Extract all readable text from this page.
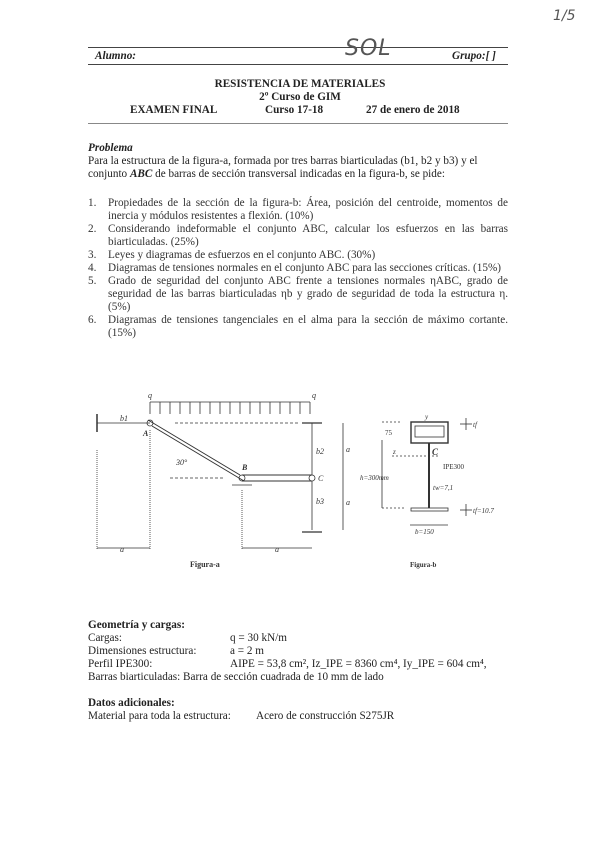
1/5
Alumno:	SOL	Grupo:[ ]
RESISTENCIA DE MATERIALES
2º Curso de GIM
EXAMEN FINAL	Curso 17-18	27 de enero de 2018
Problema
Para la estructura de la figura-a, formada por tres barras biarticuladas (b1, b2 y b3) y el
conjunto ABC de barras de sección transversal indicadas en la figura-b, se pide:
1. Propiedades de la sección de la figura-b: Área, posición del centroide, momentos de inercia y módulos resistentes a flexión. (10%)
2. Considerando indeformable el conjunto ABC, calcular los esfuerzos en las barras biarticuladas. (25%)
3. Leyes y diagramas de esfuerzos en el conjunto ABC. (30%)
4. Diagramas de tensiones normales en el conjunto ABC para las secciones críticas. (15%)
5. Grado de seguridad del conjunto ABC frente a tensiones normales ηABC, grado de seguridad de las barras biarticuladas ηb y grado de seguridad de toda la estructura η. (5%)
6. Diagramas de tensiones tangenciales en el alma para la sección de máximo cortante. (15%)
q	q
b1
A
B
C
b2
b3
30°
a
a
a	a
Figura-a
y
75
tf
z	C
IPE300
h=300mm
tw=7,1
tf=10.7
b=150
Figura-b
Geometría y cargas:
Cargas:	q = 30 kN/m
Dimensiones estructura:	a = 2 m
Perfil IPE300:	AIPE = 53,8 cm², Iz_IPE = 8360 cm⁴, Iy_IPE = 604 cm⁴,
Barras biarticuladas: Barra de sección cuadrada de 10 mm de lado
Datos adicionales:
Material para toda la estructura: Acero de construcción S275JR
